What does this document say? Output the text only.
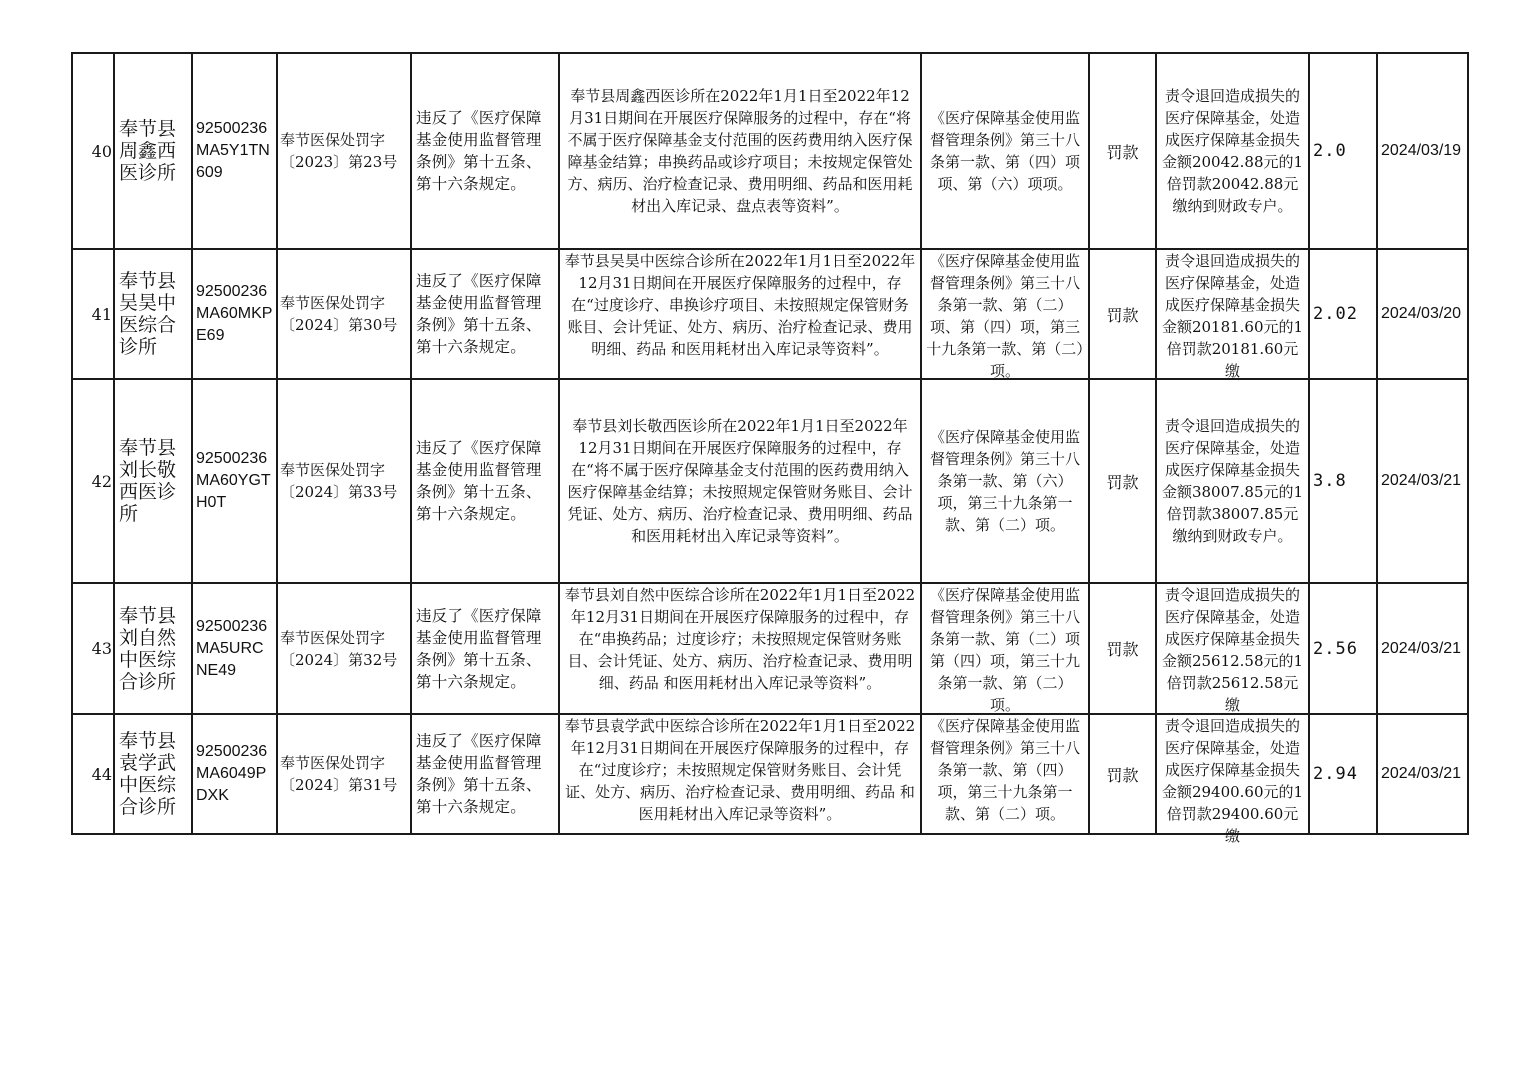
40	奉节县周鑫西医诊所	92500236MA5Y1TN609	奉节医保处罚字〔2023〕第23号	违反了《医疗保障基金使用监督管理条例》第十五条、第十六条规定。	奉节县周鑫西医诊所在2022年1月1日至2022年12月31日期间在开展医疗保障服务的过程中，存在“将不属于医疗保障基金支付范围的医药费用纳入医疗保障基金结算；串换药品或诊疗项目；未按规定保管处方、病历、治疗检查记录、费用明细、药品和医用耗材出入库记录、盘点表等资料”。	《医疗保障基金使用监督管理条例》第三十八条第一款、第（四）项项、第（六）项项。	罚款	责令退回造成损失的医疗保障基金，处造成医疗保障基金损失金额20042.88元的1倍罚款20042.88元缴纳到财政专户。	2.0	2024/03/19

41	奉节县吴昊中医综合诊所	92500236MA60MKPE69	奉节医保处罚字〔2024〕第30号	违反了《医疗保障基金使用监督管理条例》第十五条、第十六条规定。	奉节县吴昊中医综合诊所在2022年1月1日至2022年12月31日期间在开展医疗保障服务的过程中，存在“过度诊疗、串换诊疗项目、未按照规定保管财务账目、会计凭证、处方、病历、治疗检查记录、费用明细、药品 和医用耗材出入库记录等资料”。	《医疗保障基金使用监督管理条例》第三十八条第一款、第（二）项、第（四）项，第三十九条第一款、第（二）项。	罚款	责令退回造成损失的医疗保障基金，处造成医疗保障基金损失金额20181.60元的1倍罚款20181.60元缴	2.02	2024/03/20

42	奉节县刘长敬西医诊所	92500236MA60YGTH0T	奉节医保处罚字〔2024〕第33号	违反了《医疗保障基金使用监督管理条例》第十五条、第十六条规定。	奉节县刘长敬西医诊所在2022年1月1日至2022年12月31日期间在开展医疗保障服务的过程中，存在“将不属于医疗保障基金支付范围的医药费用纳入医疗保障基金结算；未按照规定保管财务账目、会计凭证、处方、病历、治疗检查记录、费用明细、药品 和医用耗材出入库记录等资料”。	《医疗保障基金使用监督管理条例》第三十八条第一款、第（六）项，第三十九条第一款、第（二）项。	罚款	责令退回造成损失的医疗保障基金，处造成医疗保障基金损失金额38007.85元的1倍罚款38007.85元缴纳到财政专户。	3.8	2024/03/21

43	奉节县刘自然中医综合诊所	92500236MA5URCNE49	奉节医保处罚字〔2024〕第32号	违反了《医疗保障基金使用监督管理条例》第十五条、第十六条规定。	奉节县刘自然中医综合诊所在2022年1月1日至2022年12月31日期间在开展医疗保障服务的过程中，存在“串换药品；过度诊疗；未按照规定保管财务账目、会计凭证、处方、病历、治疗检查记录、费用明细、药品 和医用耗材出入库记录等资料”。	《医疗保障基金使用监督管理条例》第三十八条第一款、第（二）项第（四）项，第三十九条第一款、第（二）项。	罚款	责令退回造成损失的医疗保障基金，处造成医疗保障基金损失金额25612.58元的1倍罚款25612.58元缴	2.56	2024/03/21

44	奉节县袁学武中医综合诊所	92500236MA6049PDXK	奉节医保处罚字〔2024〕第31号	违反了《医疗保障基金使用监督管理条例》第十五条、第十六条规定。	奉节县袁学武中医综合诊所在2022年1月1日至2022年12月31日期间在开展医疗保障服务的过程中，存在“过度诊疗；未按照规定保管财务账目、会计凭证、处方、病历、治疗检查记录、费用明细、药品 和医用耗材出入库记录等资料”。	《医疗保障基金使用监督管理条例》第三十八条第一款、第（四）项，第三十九条第一款、第（二）项。	罚款	责令退回造成损失的医疗保障基金，处造成医疗保障基金损失金额29400.60元的1倍罚款29400.60元缴	2.94	2024/03/21
